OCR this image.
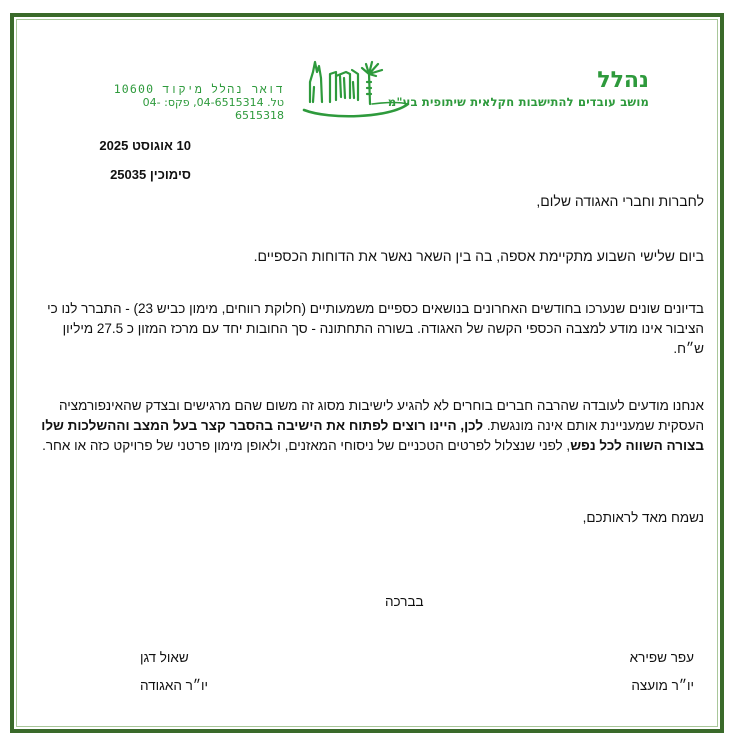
נהלל
מושב עובדים להתישבות חקלאית שיתופית בע"מ
דואר נהלל מיקוד 10600
טל. 04-6515314, פקס: 04-6515318
10 אוגוסט 2025
סימוכין 25035
לחברות וחברי האגודה שלום,
ביום שלישי השבוע מתקיימת אספה, בה בין השאר נאשר את הדוחות הכספיים.
בדיונים שונים שנערכו בחודשים האחרונים בנושאים כספיים משמעותיים (חלוקת רווחים, מימון כביש 23) - התברר לנו כי הציבור אינו מודע למצבה הכספי הקשה של האגודה. בשורה התחתונה - סך החובות יחד עם מרכז המזון כ 27.5 מיליון ש״ח.
אנחנו מודעים לעובדה שהרבה חברים בוחרים לא להגיע לישיבות מסוג זה משום שהם מרגישים ובצדק שהאינפורמציה העסקית שמעניינת אותם אינה מונגשת. לכן, היינו רוצים לפתוח את הישיבה בהסבר קצר בעל המצב וההשלכות שלו בצורה השווה לכל נפש, לפני שנצלול לפרטים הטכניים של ניסוחי המאזנים, ולאופן מימון פרטני של פרויקט כזה או אחר.
נשמח מאד לראותכם,
בברכה
עפר שפירא
יו״ר מועצה
שאול דגן
יו״ר האגודה
